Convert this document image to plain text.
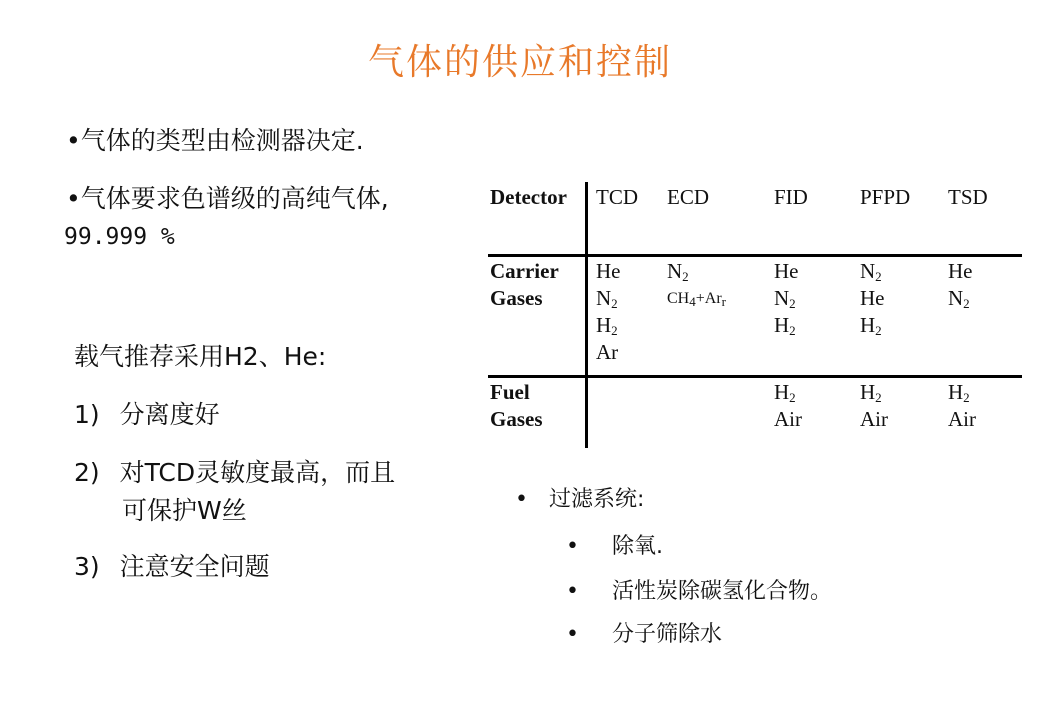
气体的供应和控制
•气体的类型由检测器决定.
•气体要求色谱级的高纯气体,
99.999 %
载气推荐采用H2、He:
1) 分离度好
2) 对TCD灵敏度最高，而且
可保护W丝
3) 注意安全问题
Detector TCD ECD	FID PFPD TSD
Carrier
Gases
He
$N_2$
$H_2$
Ar
$N_2$
$CH_4+Ar_r$
He
$N_2$
$H_2$
$N_2$
He
$H_2$
He
$N_2$
Fuel
Gases
$H_2$
Air
$H_2$
Air
$H_2$
Air
• 过滤系统:
• 除氧.
• 活性炭除碳氢化合物。
• 分子筛除水
